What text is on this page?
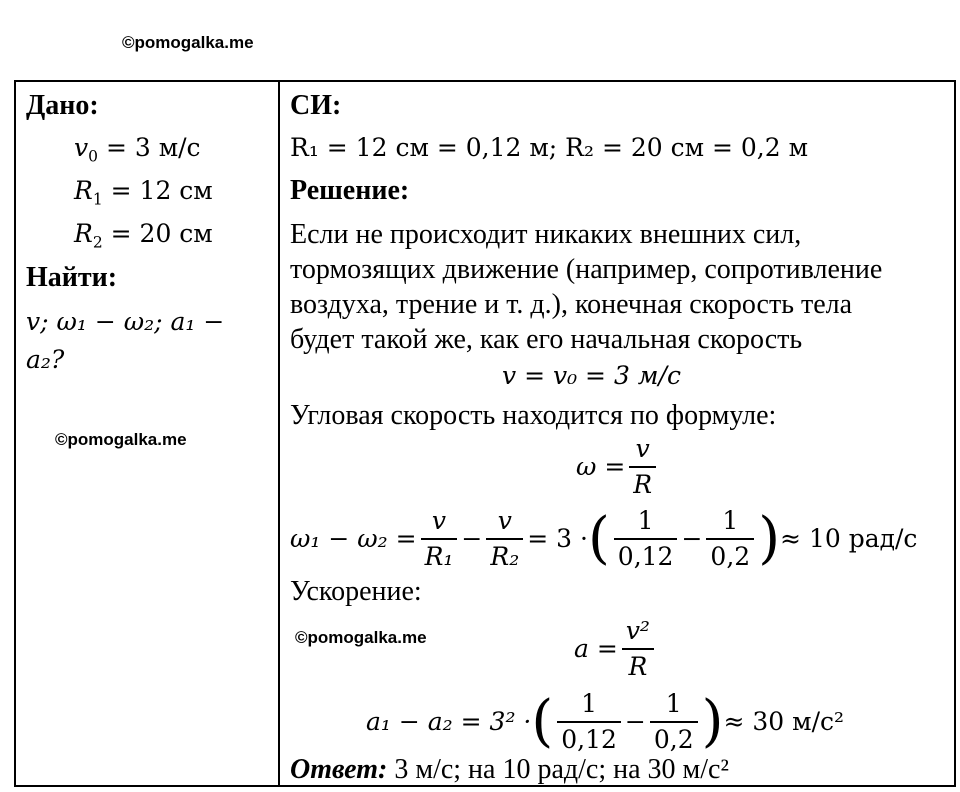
©pomogalka.me
©pomogalka.me
©pomogalka.me
Дано:
$v_0 = 3$ м/с
$R_1 = 12$ см
$R_2 = 20$ см
Найти:
v; ω₁ − ω₂; a₁ −
a₂?
СИ:
R₁ = 12 см = 0,12 м; R₂ = 20 см = 0,2 м
Решение:
Если не происходит никаких внешних сил,
тормозящих движение (например, сопротивление
воздуха, трение и т. д.), конечная скорость тела
будет такой же, как его начальная скорость
v = v₀ = 3 м/с
Угловая скорость находится по формуле:
$\omega = \frac{v}{R}$
$\omega_1 - \omega_2 = \frac{v}{\text{R₁}} - \frac{v}{\text{R₂}} = 3$ · ( $\frac{1}{0,12} - \frac{1}{0,2}$ ) ≈ 10 рад/с
Ускорение:
$a = \frac{\text{v²}}{R}$
a₁ − a₂ = 3² · ( $\frac{1}{0,12} - \frac{1}{0,2}$ ) ≈ 30 м/с²
Ответ: 3 м/с; на 10 рад/с; на 30 м/с²
